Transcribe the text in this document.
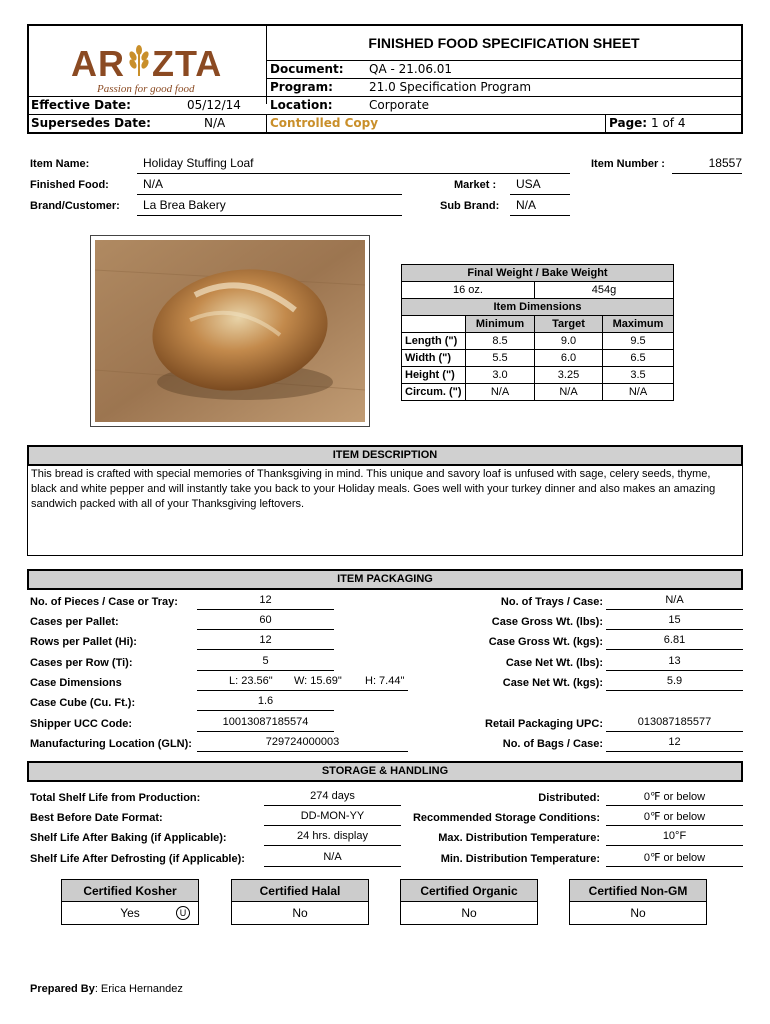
AR ZTA
Passion for good food
FINISHED FOOD SPECIFICATION SHEET
Document: QA - 21.06.01
Program:	21.0 Specification Program
Effective Date:	05/12/14 Location:	Corporate
Supersedes Date:	N/A	Controlled Copy	Page: 1 of 4
Item Name:	Holiday Stuffing Loaf	Item Number :	18557
Finished Food:	N/A	Market :	USA
Brand/Customer:	La Brea Bakery	Sub Brand:	N/A
Final Weight / Bake Weight			
16 oz.		454g	
Item Dimensions			
	Minimum	Target	Maximum
Length (")	8.5	9.0	9.5
Width (")	5.5	6.0	6.5
Height (")	3.0	3.25	3.5
Circum. (")	N/A	N/A	N/A
ITEM DESCRIPTION
This bread is crafted with special memories of Thanksgiving in mind. This unique and savory loaf is unfused with sage, celery seeds, thyme, black and white pepper and will instantly take you back to your Holiday meals. Goes well with your turkey dinner and also makes an amazing sandwich packed with all of your Thanksgiving leftovers.
ITEM PACKAGING
No. of Pieces / Case or Tray:	12
Cases per Pallet:	60
Rows per Pallet (Hi):	12
Cases per Row (Ti):	5
Case Dimensions	L: 23.56" W: 15.69" H: 7.44"
Case Cube (Cu. Ft.):	1.6
Shipper UCC Code:	10013087185574
Manufacturing Location (GLN):	729724000003
No. of Trays / Case:	N/A
Case Gross Wt. (lbs):	15
Case Gross Wt. (kgs):	6.81
Case Net Wt. (lbs):	13
Case Net Wt. (kgs):	5.9
Retail Packaging UPC:	013087185577
No. of Bags / Case:	12
STORAGE & HANDLING
Total Shelf Life from Production:	274 days
Best Before Date Format:	DD-MON-YY
Shelf Life After Baking (if Applicable):	24 hrs. display
Shelf Life After Defrosting (if Applicable):	N/A
Distributed:	0℉ or below
Recommended Storage Conditions:	0℉ or below
Max. Distribution Temperature:	10°F
Min. Distribution Temperature:	0℉ or below
Certified Kosher
Yes	U
Certified Halal
No
Certified Organic
No
Certified Non-GM
No
Prepared By: Erica Hernandez
